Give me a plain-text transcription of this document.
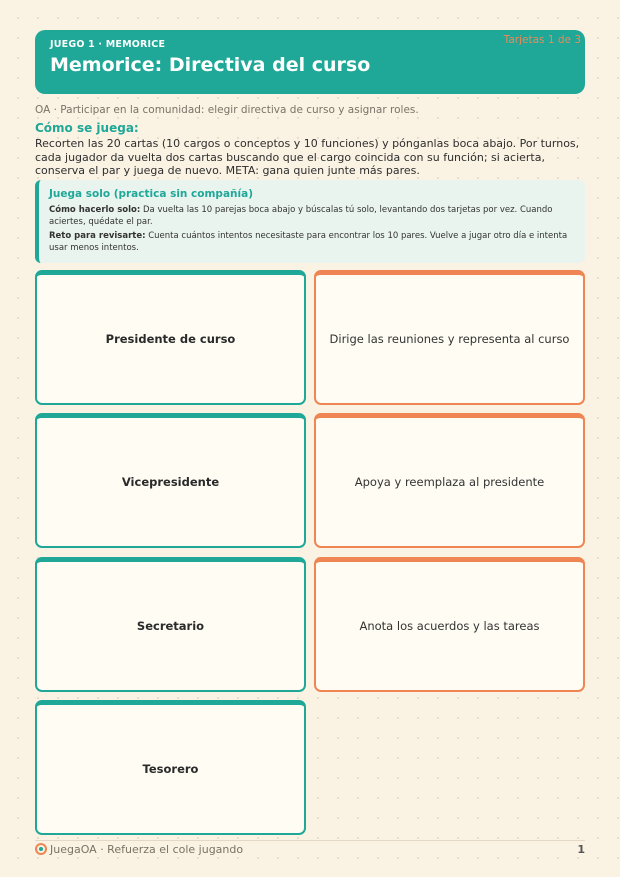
JUEGO 1 · MEMORICE
Memorice: Directiva del curso
Tarjetas 1 de 3
OA · Participar en la comunidad: elegir directiva de curso y asignar roles.
Cómo se juega:
Recorten las 20 cartas (10 cargos o conceptos y 10 funciones) y pónganlas boca abajo. Por turnos, cada jugador da vuelta dos cartas buscando que el cargo coincida con su función; si acierta, conserva el par y juega de nuevo. META: gana quien junte más pares.
Juega solo (practica sin compañía)
Cómo hacerlo solo: Da vuelta las 10 parejas boca abajo y búscalas tú solo, levantando dos tarjetas por vez. Cuando aciertes, quédate el par.
Reto para revisarte: Cuenta cuántos intentos necesitaste para encontrar los 10 pares. Vuelve a jugar otro día e intenta usar menos intentos.
Presidente de curso	Dirige las reuniones y representa al curso
Vicepresidente	Apoya y reemplaza al presidente
Secretario	Anota los acuerdos y las tareas
Tesorero
JuegaOA · Refuerza el cole jugando	1
